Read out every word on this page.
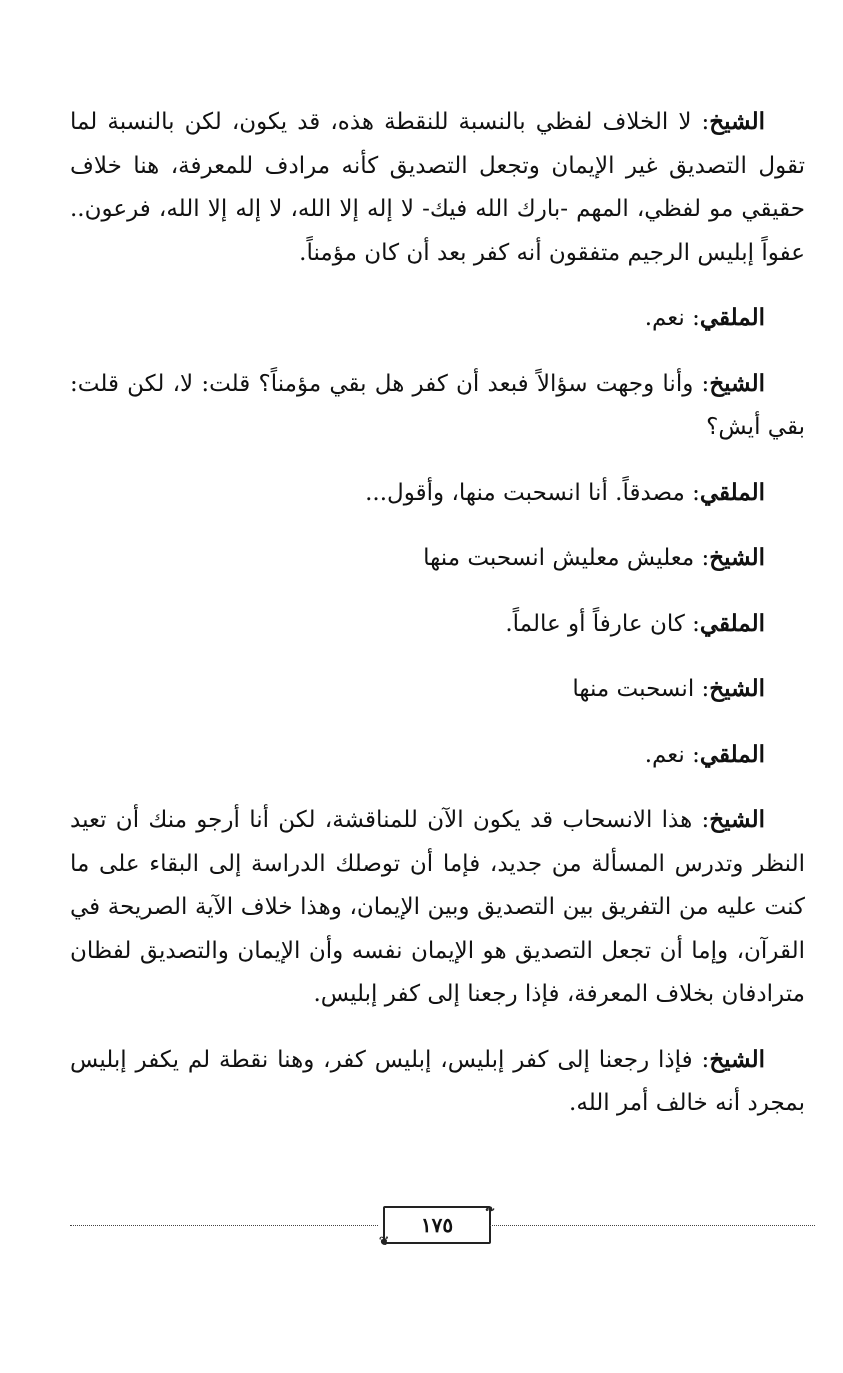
الشيخ: لا الخلاف لفظي بالنسبة للنقطة هذه، قد يكون، لكن بالنسبة لما تقول التصديق غير الإيمان وتجعل التصديق كأنه مرادف للمعرفة، هنا خلاف حقيقي مو لفظي، المهم -بارك الله فيك- لا إله إلا الله، لا إله إلا الله، فرعون.. عفواً إبليس الرجيم متفقون أنه كفر بعد أن كان مؤمناً.

الملقي: نعم.

الشيخ: وأنا وجهت سؤالاً فبعد أن كفر هل بقي مؤمناً؟ قلت: لا، لكن قلت: بقي أيش؟

الملقي: مصدقاً. أنا انسحبت منها، وأقول...

الشيخ: معليش معليش انسحبت منها

الملقي: كان عارفاً أو عالماً.

الشيخ: انسحبت منها

الملقي: نعم.

الشيخ: هذا الانسحاب قد يكون الآن للمناقشة، لكن أنا أرجو منك أن تعيد النظر وتدرس المسألة من جديد، فإما أن توصلك الدراسة إلى البقاء على ما كنت عليه من التفريق بين التصديق وبين الإيمان، وهذا خلاف الآية الصريحة في القرآن، وإما أن تجعل التصديق هو الإيمان نفسه وأن الإيمان والتصديق لفظان مترادفان بخلاف المعرفة، فإذا رجعنا إلى كفر إبليس.

الشيخ: فإذا رجعنا إلى كفر إبليس، إبليس كفر، وهنا نقطة لم يكفر إبليس بمجرد أنه خالف أمر الله.

❧
١٧٥
❦
